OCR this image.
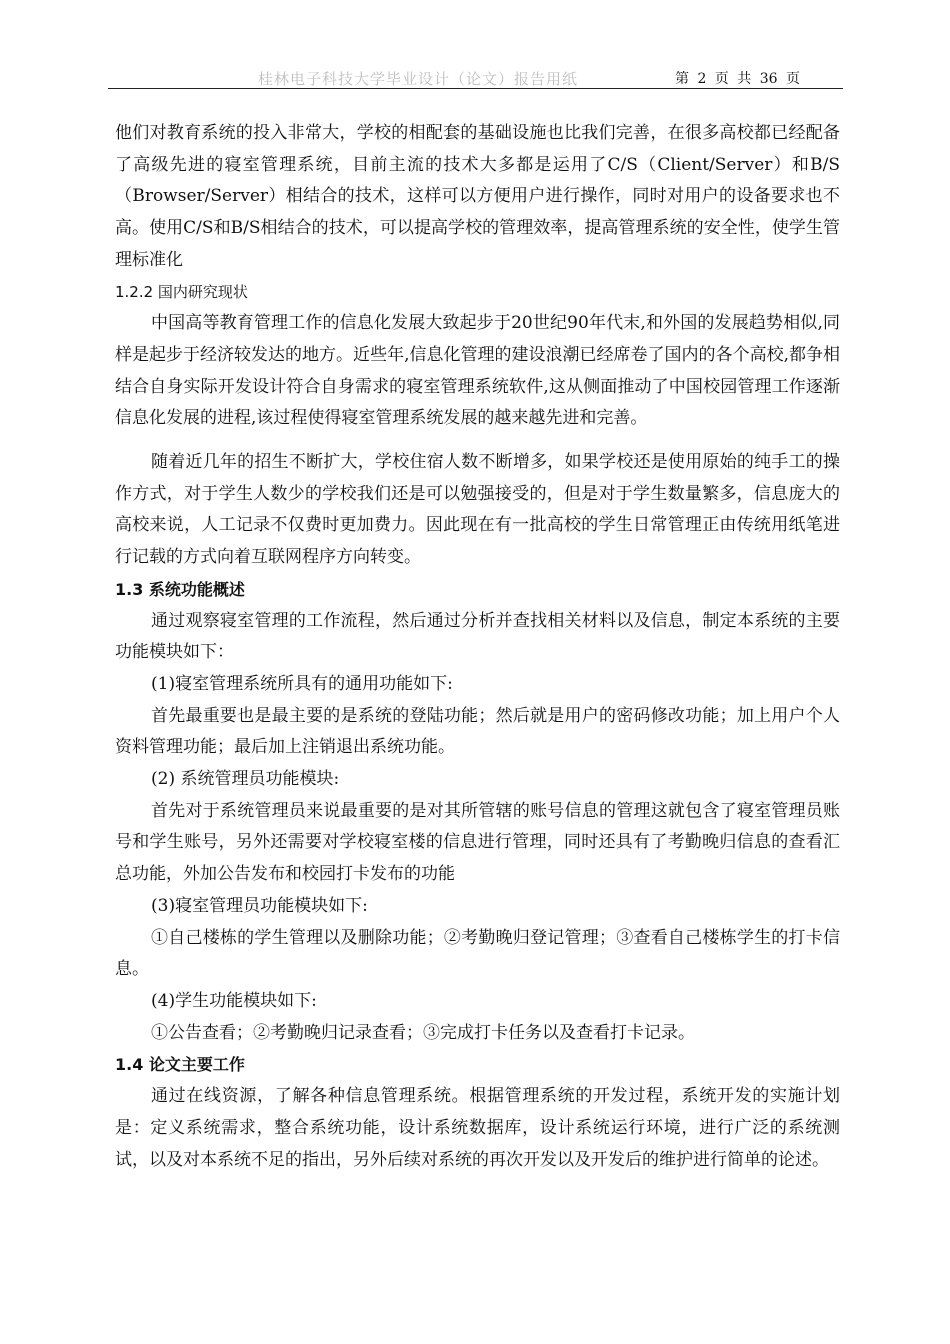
桂林电子科技大学毕业设计（论文）报告用纸	第 2 页 共 36 页

他们对教育系统的投入非常大，学校的相配套的基础设施也比我们完善，在很多高校都已经配备了高级先进的寝室管理系统，目前主流的技术大多都是运用了C/S（Client/Server）和B/S（Browser/Server）相结合的技术，这样可以方便用户进行操作，同时对用户的设备要求也不高。使用C/S和B/S相结合的技术，可以提高学校的管理效率，提高管理系统的安全性，使学生管理标准化

1.2.2 国内研究现状

中国高等教育管理工作的信息化发展大致起步于20世纪90年代末,和外国的发展趋势相似,同样是起步于经济较发达的地方。近些年,信息化管理的建设浪潮已经席卷了国内的各个高校,都争相结合自身实际开发设计符合自身需求的寝室管理系统软件,这从侧面推动了中国校园管理工作逐渐信息化发展的进程,该过程使得寝室管理系统发展的越来越先进和完善。

随着近几年的招生不断扩大，学校住宿人数不断增多，如果学校还是使用原始的纯手工的操作方式，对于学生人数少的学校我们还是可以勉强接受的，但是对于学生数量繁多，信息庞大的高校来说，人工记录不仅费时更加费力。因此现在有一批高校的学生日常管理正由传统用纸笔进行记载的方式向着互联网程序方向转变。

1.3 系统功能概述

通过观察寝室管理的工作流程，然后通过分析并查找相关材料以及信息，制定本系统的主要功能模块如下：

(1)寝室管理系统所具有的通用功能如下:

首先最重要也是最主要的是系统的登陆功能；然后就是用户的密码修改功能；加上用户个人资料管理功能；最后加上注销退出系统功能。

(2) 系统管理员功能模块:

首先对于系统管理员来说最重要的是对其所管辖的账号信息的管理这就包含了寝室管理员账号和学生账号，另外还需要对学校寝室楼的信息进行管理，同时还具有了考勤晚归信息的查看汇总功能，外加公告发布和校园打卡发布的功能

(3)寝室管理员功能模块如下:

①自己楼栋的学生管理以及删除功能；②考勤晚归登记管理；③查看自己楼栋学生的打卡信息。

(4)学生功能模块如下:

①公告查看；②考勤晚归记录查看；③完成打卡任务以及查看打卡记录。

1.4 论文主要工作

通过在线资源，了解各种信息管理系统。根据管理系统的开发过程，系统开发的实施计划是：定义系统需求，整合系统功能，设计系统数据库，设计系统运行环境，进行广泛的系统测试，以及对本系统不足的指出，另外后续对系统的再次开发以及开发后的维护进行简单的论述。
